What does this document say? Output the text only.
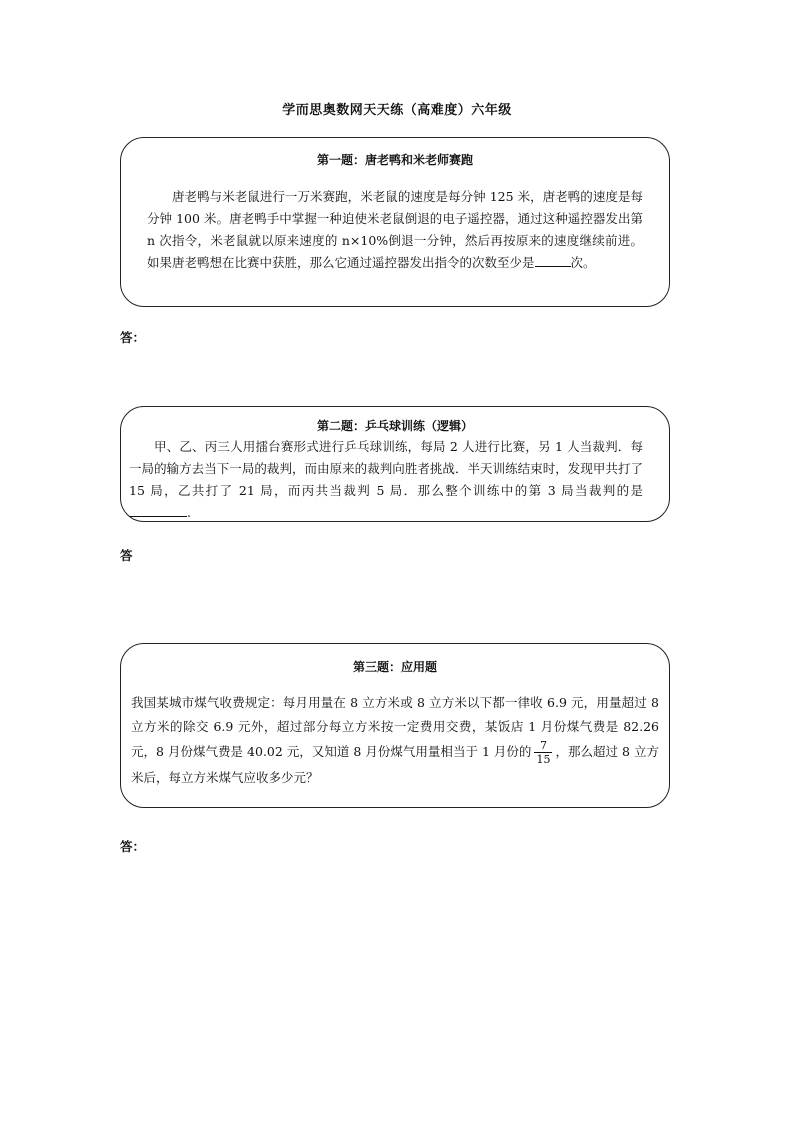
学而思奥数网天天练（高难度）六年级
第一题：唐老鸭和米老师赛跑
唐老鸭与米老鼠进行一万米赛跑，米老鼠的速度是每分钟 125 米，唐老鸭的速度是每分钟 100 米。唐老鸭手中掌握一种迫使米老鼠倒退的电子遥控器，通过这种遥控器发出第 n 次指令，米老鼠就以原来速度的 n×10%倒退一分钟，然后再按原来的速度继续前进。如果唐老鸭想在比赛中获胜，那么它通过遥控器发出指令的次数至少是	次。
答：
第二题：乒乓球训练（逻辑）
甲、乙、丙三人用擂台赛形式进行乒乓球训练，每局 2 人进行比赛，另 1 人当裁判．每一局的输方去当下一局的裁判，而由原来的裁判向胜者挑战．半天训练结束时，发现甲共打了 15 局，乙共打了 21 局，而丙共当裁判 5 局．那么整个训练中的第 3 局当裁判的是.
答
第三题：应用题
我国某城市煤气收费规定：每月用量在 8 立方米或 8 立方米以下都一律收 6.9 元，用量超过 8 立方米的除交 6.9 元外，超过部分每立方米按一定费用交费，某饭店 1 月份煤气费是 82.26 元，8 月份煤气费是 40.02 元，又知道 8 月份煤气用量相当于 1 月份的 $\frac{7}{15}$ ，那么超过 8 立方米后，每立方米煤气应收多少元？
答：
